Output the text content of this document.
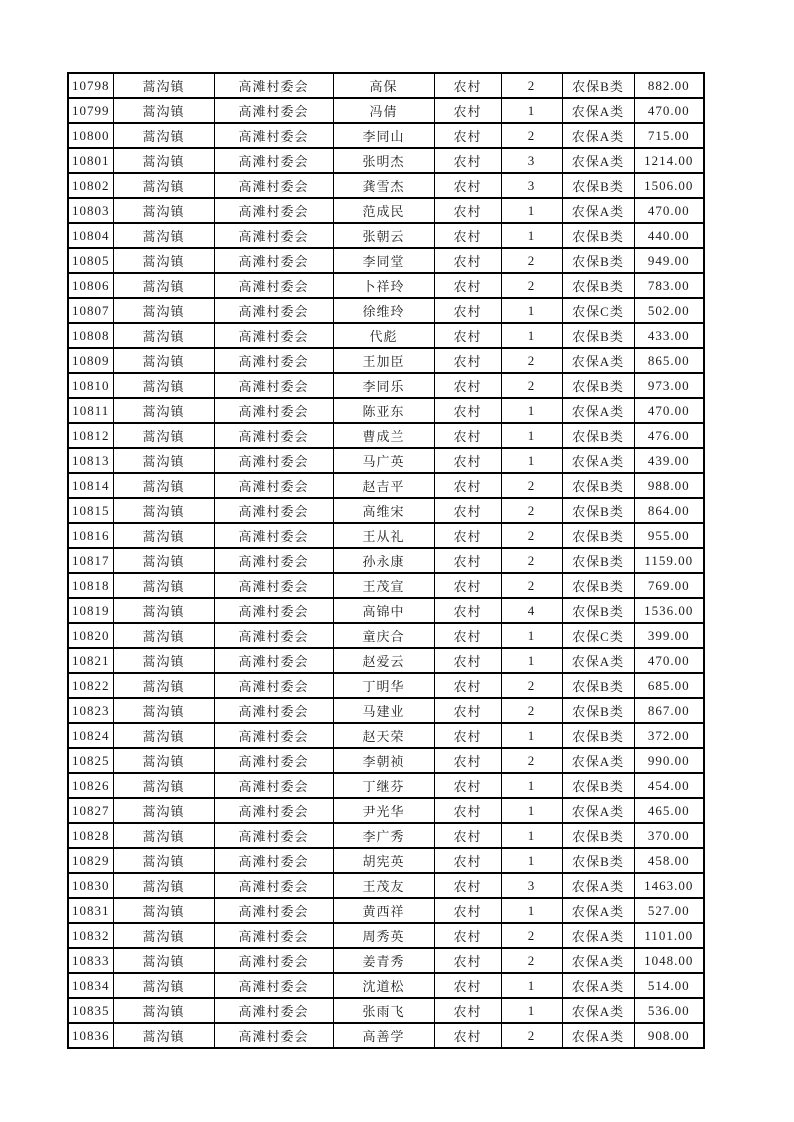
10798	蒿沟镇	高滩村委会	高保	农村	2	农保B类	882.00
10799	蒿沟镇	高滩村委会	冯倩	农村	1	农保A类	470.00
10800	蒿沟镇	高滩村委会	李同山	农村	2	农保A类	715.00
10801	蒿沟镇	高滩村委会	张明杰	农村	3	农保A类	1214.00
10802	蒿沟镇	高滩村委会	龚雪杰	农村	3	农保B类	1506.00
10803	蒿沟镇	高滩村委会	范成民	农村	1	农保A类	470.00
10804	蒿沟镇	高滩村委会	张朝云	农村	1	农保B类	440.00
10805	蒿沟镇	高滩村委会	李同堂	农村	2	农保B类	949.00
10806	蒿沟镇	高滩村委会	卜祥玲	农村	2	农保B类	783.00
10807	蒿沟镇	高滩村委会	徐维玲	农村	1	农保C类	502.00
10808	蒿沟镇	高滩村委会	代彪	农村	1	农保B类	433.00
10809	蒿沟镇	高滩村委会	王加臣	农村	2	农保A类	865.00
10810	蒿沟镇	高滩村委会	李同乐	农村	2	农保B类	973.00
10811	蒿沟镇	高滩村委会	陈亚东	农村	1	农保A类	470.00
10812	蒿沟镇	高滩村委会	曹成兰	农村	1	农保B类	476.00
10813	蒿沟镇	高滩村委会	马广英	农村	1	农保A类	439.00
10814	蒿沟镇	高滩村委会	赵吉平	农村	2	农保B类	988.00
10815	蒿沟镇	高滩村委会	高维宋	农村	2	农保B类	864.00
10816	蒿沟镇	高滩村委会	王从礼	农村	2	农保B类	955.00
10817	蒿沟镇	高滩村委会	孙永康	农村	2	农保B类	1159.00
10818	蒿沟镇	高滩村委会	王茂宣	农村	2	农保B类	769.00
10819	蒿沟镇	高滩村委会	高锦中	农村	4	农保B类	1536.00
10820	蒿沟镇	高滩村委会	童庆合	农村	1	农保C类	399.00
10821	蒿沟镇	高滩村委会	赵爱云	农村	1	农保A类	470.00
10822	蒿沟镇	高滩村委会	丁明华	农村	2	农保B类	685.00
10823	蒿沟镇	高滩村委会	马建业	农村	2	农保B类	867.00
10824	蒿沟镇	高滩村委会	赵天荣	农村	1	农保B类	372.00
10825	蒿沟镇	高滩村委会	李朝祯	农村	2	农保A类	990.00
10826	蒿沟镇	高滩村委会	丁继芬	农村	1	农保B类	454.00
10827	蒿沟镇	高滩村委会	尹光华	农村	1	农保A类	465.00
10828	蒿沟镇	高滩村委会	李广秀	农村	1	农保B类	370.00
10829	蒿沟镇	高滩村委会	胡宪英	农村	1	农保B类	458.00
10830	蒿沟镇	高滩村委会	王茂友	农村	3	农保A类	1463.00
10831	蒿沟镇	高滩村委会	黄西祥	农村	1	农保A类	527.00
10832	蒿沟镇	高滩村委会	周秀英	农村	2	农保A类	1101.00
10833	蒿沟镇	高滩村委会	姜青秀	农村	2	农保A类	1048.00
10834	蒿沟镇	高滩村委会	沈道松	农村	1	农保A类	514.00
10835	蒿沟镇	高滩村委会	张雨飞	农村	1	农保A类	536.00
10836	蒿沟镇	高滩村委会	高善学	农村	2	农保A类	908.00
